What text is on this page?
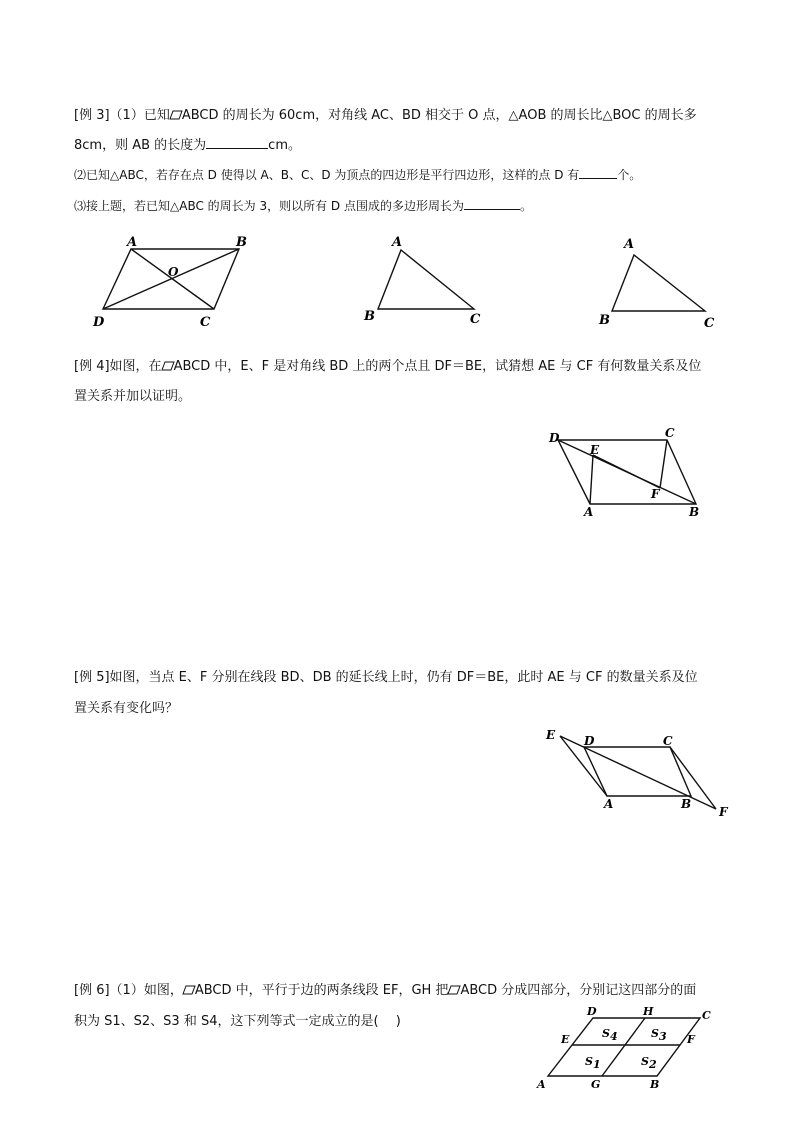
[例 3]（1）已知 ABCD 的周长为 60cm，对角线 AC、BD 相交于 O 点，△AOB 的周长比△BOC 的周长多
8cm，则 AB 的长度为	cm。
⑵已知△ABC，若存在点 D 使得以 A、B、C、D 为顶点的四边形是平行四边形，这样的点 D 有	个。
⑶接上题，若已知△ABC 的周长为 3，则以所有 D 点围成的多边形周长为	。
A	B
O
D	C
A
B	C
A
B	C
[例 4]如图，在 ABCD 中，E、F 是对角线 BD 上的两个点且 DF＝BE，试猜想 AE 与 CF 有何数量关系及位
置关系并加以证明。
D	C
E
F
A	B
[例 5]如图，当点 E、F 分别在线段 BD、DB 的延长线上时，仍有 DF＝BE，此时 AE 与 CF 的数量关系及位
置关系有变化吗？
E D	C
A	B
F
[例 6]（1）如图， ABCD 中，平行于边的两条线段 EF，GH 把 ABCD 分成四部分，分别记这四部分的面
积为 S1、S2、S3 和 S4，这下列等式一定成立的是(　 )
D	H	C
E	F
A	G	B
S4	S3
S1	S2
